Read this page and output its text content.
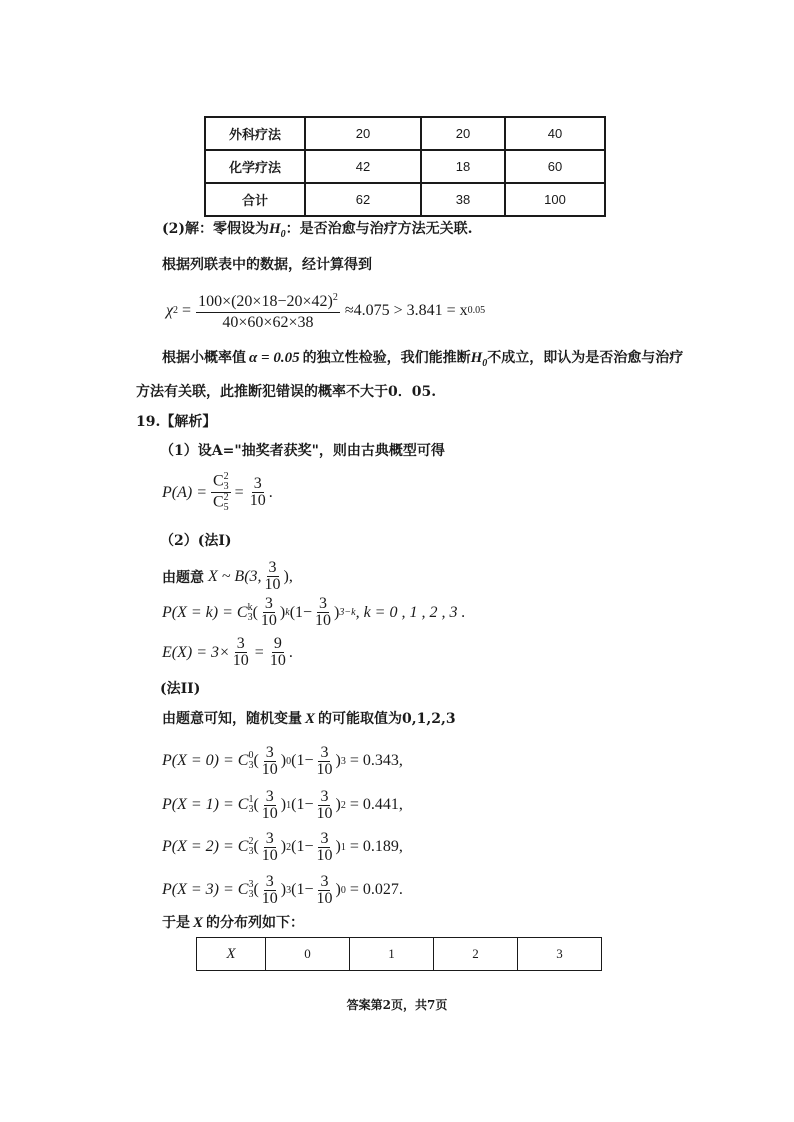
外科疗法	20	20	40
化学疗法	42	18	60
合计	62	38	100
(2)解：零假设为$H_0$：是否治愈与治疗方法无关联.
根据列联表中的数据，经计算得到
χ $2 = \frac{100\times(20\times 18-20\times 42)^2}{40\times 60\times 62\times 38} \approx 4.075 > 3.841 = x$ 0.05
根据小概率值 α = 0.05 的独立性检验，我们能推断$H_0$不成立，即认为是否治愈与治疗
方法有关联，此推断犯错误的概率不大于0．05.
19.【解析】
（1）设A="抽奖者获奖"，则由古典概型可得
P(A) = C 2
3
C 2
$5 = \frac{3}{10}$ .
（2）(法I)
由题意 X ~ B(3, $\frac{3}{10}$ ),
P(X = k) = C k
3 ( $\frac{3}{10}$ ) k ($1- \frac{3}{10}$ ) 3−k , k = 0 , 1 , 2 , 3 .
$E(X) = 3\times \frac{3}{10} = \frac{9}{10}$ .
(法II)
由题意可知，随机变量 X 的可能取值为0,1,2,3
P(X = 0) = C 0
3 ( $\frac{3}{10}$ ) 0 ($1- \frac{3}{10}$ ) 3 = 0.343,
P(X = 1) = C 1
3 ( $\frac{3}{10}$ ) 1 ($1- \frac{3}{10}$ ) 2 = 0.441,
P(X = 2) = C 2
3 ( $\frac{3}{10}$ ) 2 ($1- \frac{3}{10}$ ) 1 = 0.189,
P(X = 3) = C 3
3 ( $\frac{3}{10}$ ) 3 ($1- \frac{3}{10}$ ) 0 = 0.027.
于是 X 的分布列如下：
X	0	1	2	3
答案第2页，共7页
